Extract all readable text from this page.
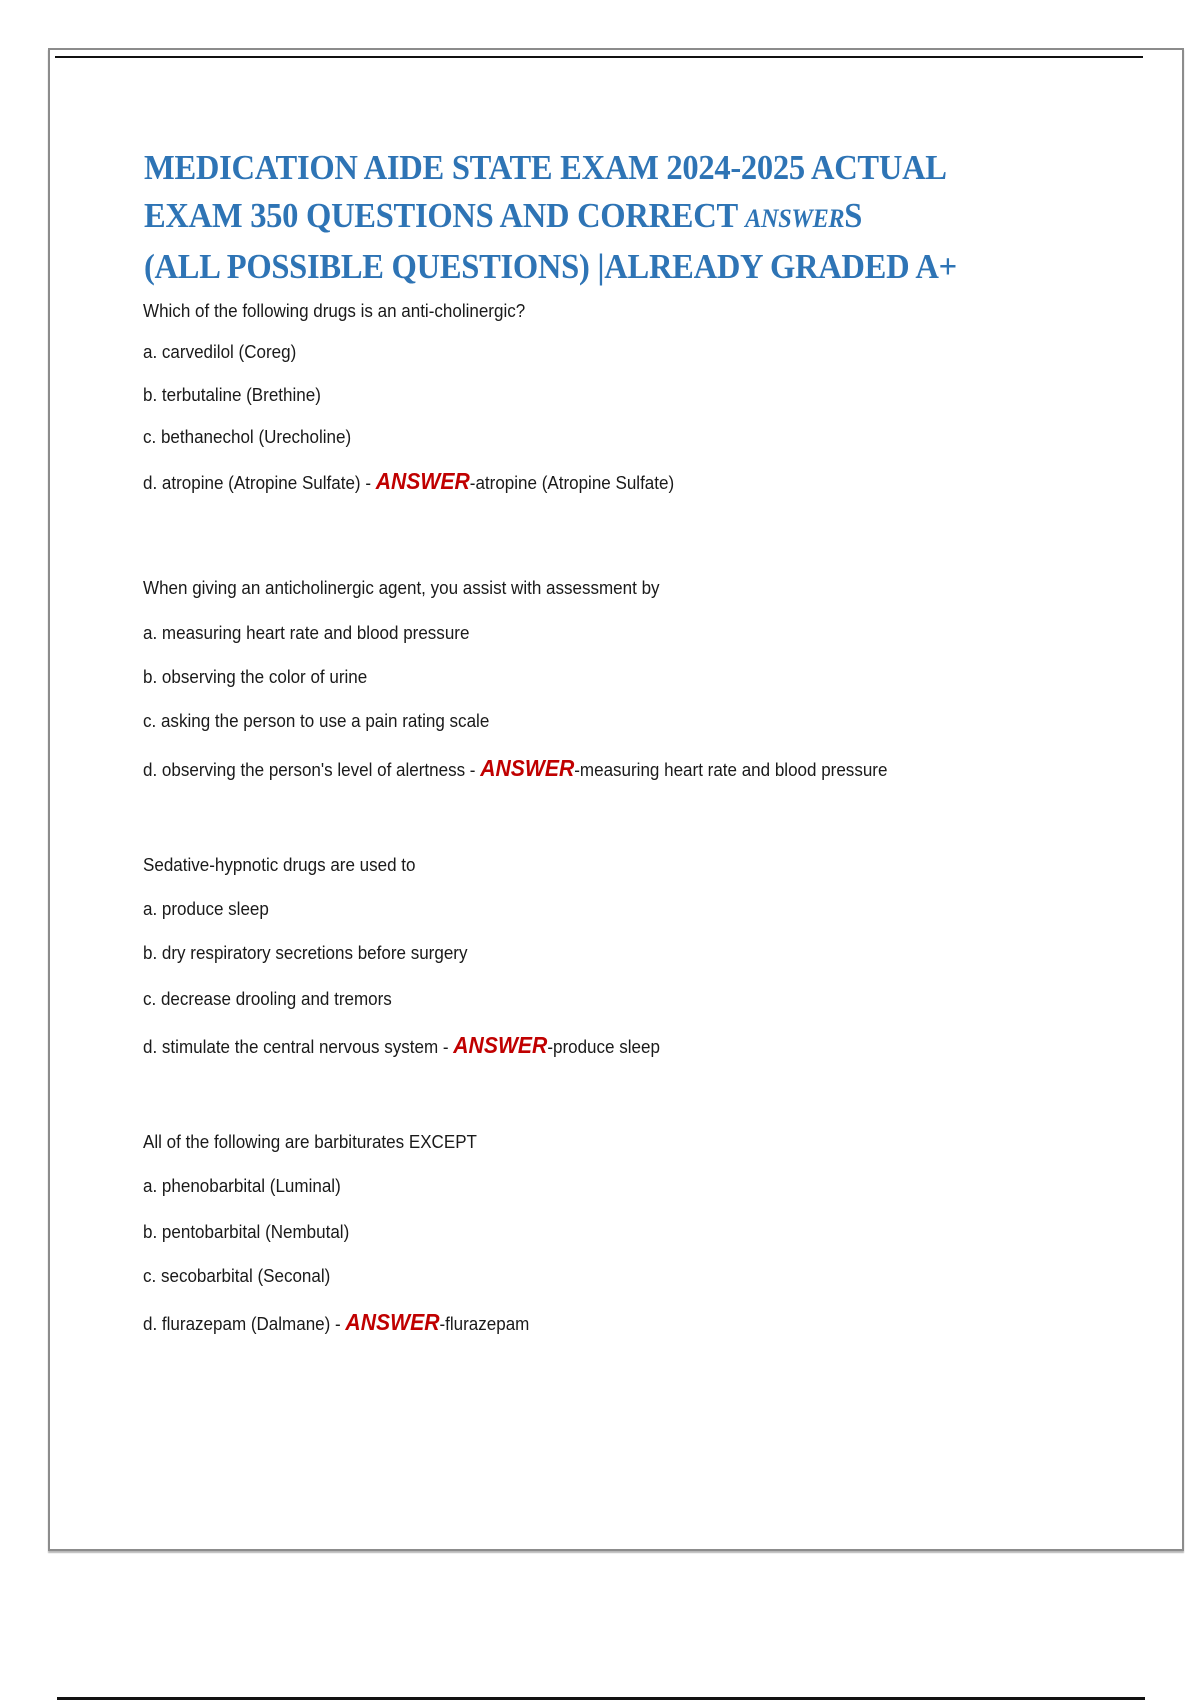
MEDICATION AIDE STATE EXAM 2024-2025 ACTUAL
EXAM 350 QUESTIONS AND CORRECT ANSWERS
(ALL POSSIBLE QUESTIONS) |ALREADY GRADED A+
Which of the following drugs is an anti-cholinergic?
a. carvedilol (Coreg)
b. terbutaline (Brethine)
c. bethanechol (Urecholine)
d. atropine (Atropine Sulfate) - ANSWER-atropine (Atropine Sulfate)
When giving an anticholinergic agent, you assist with assessment by
a. measuring heart rate and blood pressure
b. observing the color of urine
c. asking the person to use a pain rating scale
d. observing the person's level of alertness - ANSWER-measuring heart rate and blood pressure
Sedative-hypnotic drugs are used to
a. produce sleep
b. dry respiratory secretions before surgery
c. decrease drooling and tremors
d. stimulate the central nervous system - ANSWER-produce sleep
All of the following are barbiturates EXCEPT
a. phenobarbital (Luminal)
b. pentobarbital (Nembutal)
c. secobarbital (Seconal)
d. flurazepam (Dalmane) - ANSWER-flurazepam
